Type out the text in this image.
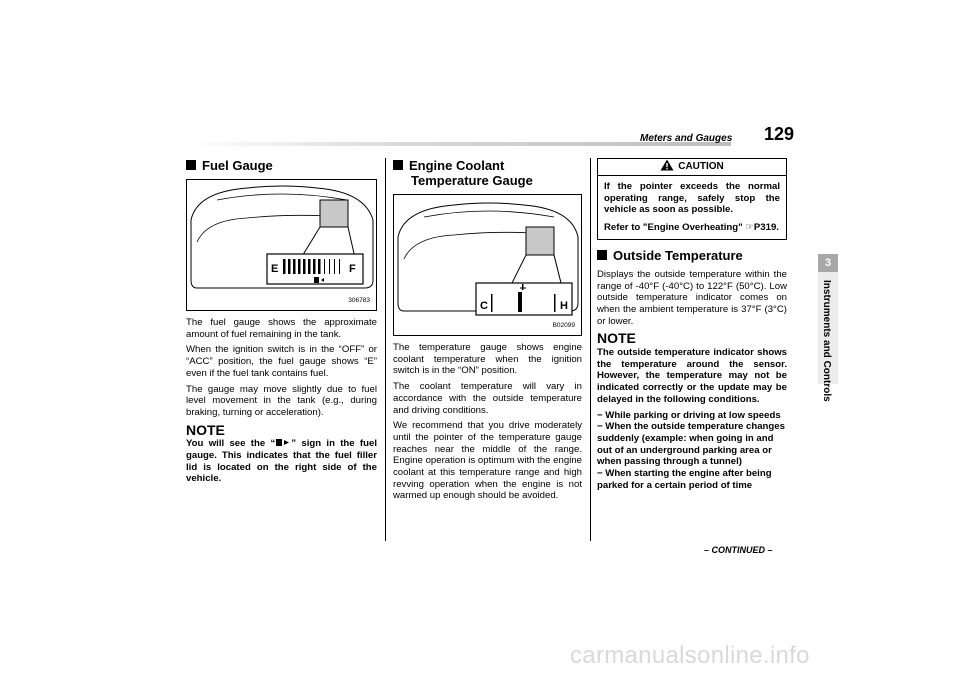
Meters and Gauges 129
3
Instruments and Controls
Fuel Gauge
E	F
306783

The fuel gauge shows the approximate amount of fuel remaining in the tank.

When the ignition switch is in the “OFF” or “ACC” position, the fuel gauge shows “E” even if the fuel tank contains fuel.

The gauge may move slightly due to fuel level movement in the tank (e.g., during braking, turning or acceleration).

NOTE

You will see the “ ” sign in the fuel gauge. This indicates that the fuel filler lid is located on the right side of the vehicle.

Engine Coolant Temperature Gauge
C	H
B02099

The temperature gauge shows engine coolant temperature when the ignition switch is in the “ON” position.

The coolant temperature will vary in accordance with the outside temperature and driving conditions.

We recommend that you drive moderately until the pointer of the temperature gauge reaches near the middle of the range. Engine operation is optimum with the engine coolant at this temperature range and high revving operation when the engine is not warmed up enough should be avoided.

CAUTION

If the pointer exceeds the normal operating range, safely stop the vehicle as soon as possible.

Refer to "Engine Overheating" ☞P319.

Outside Temperature

Displays the outside temperature within the range of -40°F (-40°C) to 122°F (50°C). Low outside temperature indicator comes on when the ambient temperature is 37°F (3°C) or lower.

NOTE

The outside temperature indicator shows the temperature around the sensor. However, the temperature may not be indicated correctly or the update may be delayed in the following conditions.

− While parking or driving at low speeds
− When the outside temperature changes suddenly (example: when going in and out of an underground parking area or when passing through a tunnel)
− When starting the engine after being parked for a certain period of time
– CONTINUED –
carmanualsonline.info
